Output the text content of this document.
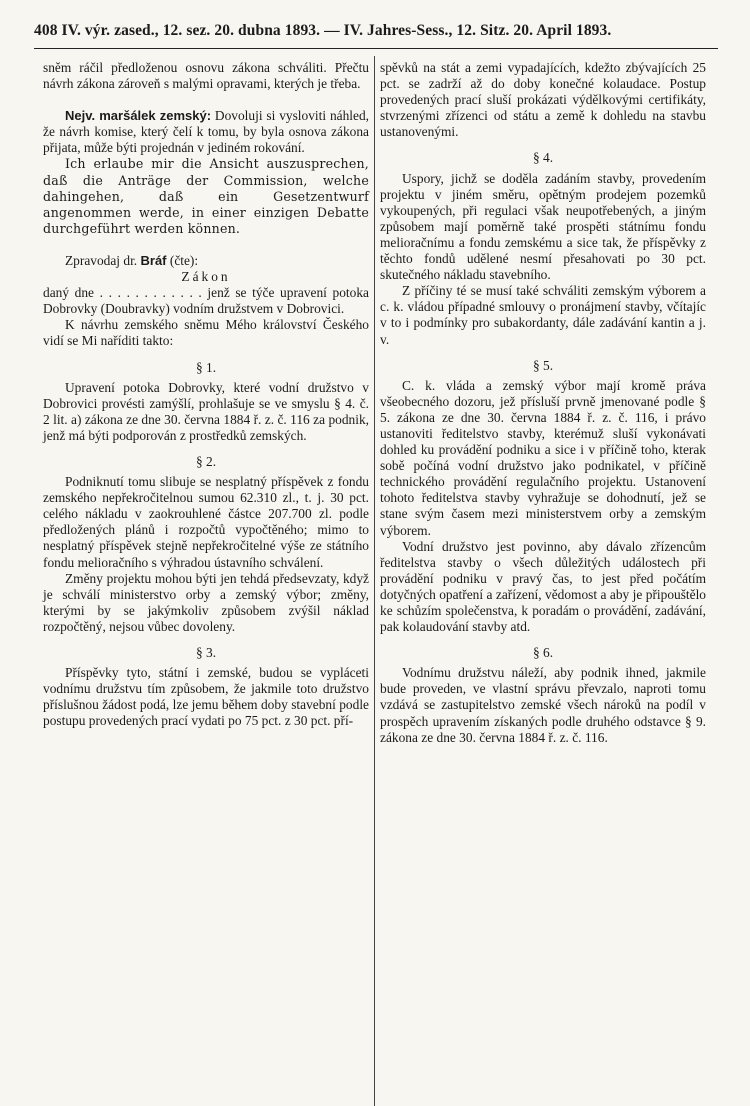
408 IV. výr. zased., 12. sez. 20. dubna 1893. — IV. Jahres-Sess., 12. Sitz. 20. April 1893.

sněm ráčil předloženou osnovu zákona schváliti. Přečtu návrh zákona zároveň s malými opravami, kterých je třeba.

Nejv. maršálek zemský: Dovoluji si vysloviti náhled, že návrh komise, který čelí k tomu, by byla osnova zákona přijata, může býti projednán v jediném rokování.

Ich erlaube mir die Ansicht auszusprechen, daß die Anträge der Commission, welche dahingehen, daß ein Gesetzentwurf angenommen werde, in einer einzigen Debatte durchgeführt werden können.

Zpravodaj dr. Bráf (čte):

Zákon

daný dne . . . . . . . . . . . . jenž se týče upravení potoka Dobrovky (Doubravky) vodním družstvem v Dobrovici.

K návrhu zemského sněmu Mého království Českého vidí se Mi naříditi takto:

§ 1.

Upravení potoka Dobrovky, které vodní družstvo v Dobrovici provésti zamýšlí, prohlašuje se ve smyslu § 4. č. 2 lit. a) zákona ze dne 30. června 1884 ř. z. č. 116 za podnik, jenž má býti podporován z prostředků zemských.

§ 2.

Podniknutí tomu slibuje se nesplatný příspěvek z fondu zemského nepřekročitelnou sumou 62.310 zl., t. j. 30 pct. celého nákladu v zaokrouhlené částce 207.700 zl. podle předložených plánů i rozpočtů vypočtěného; mimo to nesplatný příspěvek stejně nepřekročitelné výše ze státního fondu melioračního s výhradou ústavního schválení.

Změny projektu mohou býti jen tehdá předsevzaty, když je schválí ministerstvo orby a zemský výbor; změny, kterými by se jakýmkoliv způsobem zvýšil náklad rozpočtěný, nejsou vůbec dovoleny.

§ 3.

Příspěvky tyto, státní i zemské, budou se vypláceti vodnímu družstvu tím způsobem, že jakmile toto družstvo příslušnou žádost podá, lze jemu během doby stavební podle postupu provedených prací vydati po 75 pct. z 30 pct. pří-

spěvků na stát a zemi vypadajících, kdežto zbývajících 25 pct. se zadrží až do doby konečné kolaudace. Postup provedených prací sluší prokázati výdělkovými certifikáty, stvrzenými zřízenci od státu a země k dohledu na stavbu ustanovenými.

§ 4.

Uspory, jichž se doděla zadáním stavby, provedením projektu v jiném směru, opětným prodejem pozemků vykoupených, při regulaci však neupotřebených, a jiným způsobem mají poměrně také prospěti státnímu fondu melioračnímu a fondu zemskému a sice tak, že příspěvky z těchto fondů udělené nesmí přesahovati po 30 pct. skutečného nákladu stavebního.

Z příčiny té se musí také schváliti zemským výborem a c. k. vládou případné smlouvy o pronájmení stavby, včítajíc v to i podmínky pro subakordanty, dále zadávání kantin a j. v.

§ 5.

C. k. vláda a zemský výbor mají kromě práva všeobecného dozoru, jež přísluší prvně jmenované podle § 5. zákona ze dne 30. června 1884 ř. z. č. 116, i právo ustanoviti ředitelstvo stavby, kterémuž sluší vykonávati dohled ku provádění podniku a sice i v příčině toho, kterak sobě počíná vodní družstvo jako podnikatel, v příčině technického provádění regulačního projektu. Ustanovení tohoto ředitelstva stavby vyhražuje se dohodnutí, jež se stane svým časem mezi ministerstvem orby a zemským výborem.

Vodní družstvo jest povinno, aby dávalo zřízencům ředitelstva stavby o všech důležitých událostech při provádění podniku v pravý čas, to jest před počátím dotyčných opatření a zařízení, vědomost a aby je připouštělo ke schůzím společenstva, k poradám o provádění, zadávání, pak kolaudování stavby atd.

§ 6.

Vodnímu družstvu náleží, aby podnik ihned, jakmile bude proveden, ve vlastní správu převzalo, naproti tomu vzdává se zastupitelstvo zemské všech nároků na podíl v prospěch upravením získaných podle druhého odstavce § 9. zákona ze dne 30. června 1884 ř. z. č. 116.
